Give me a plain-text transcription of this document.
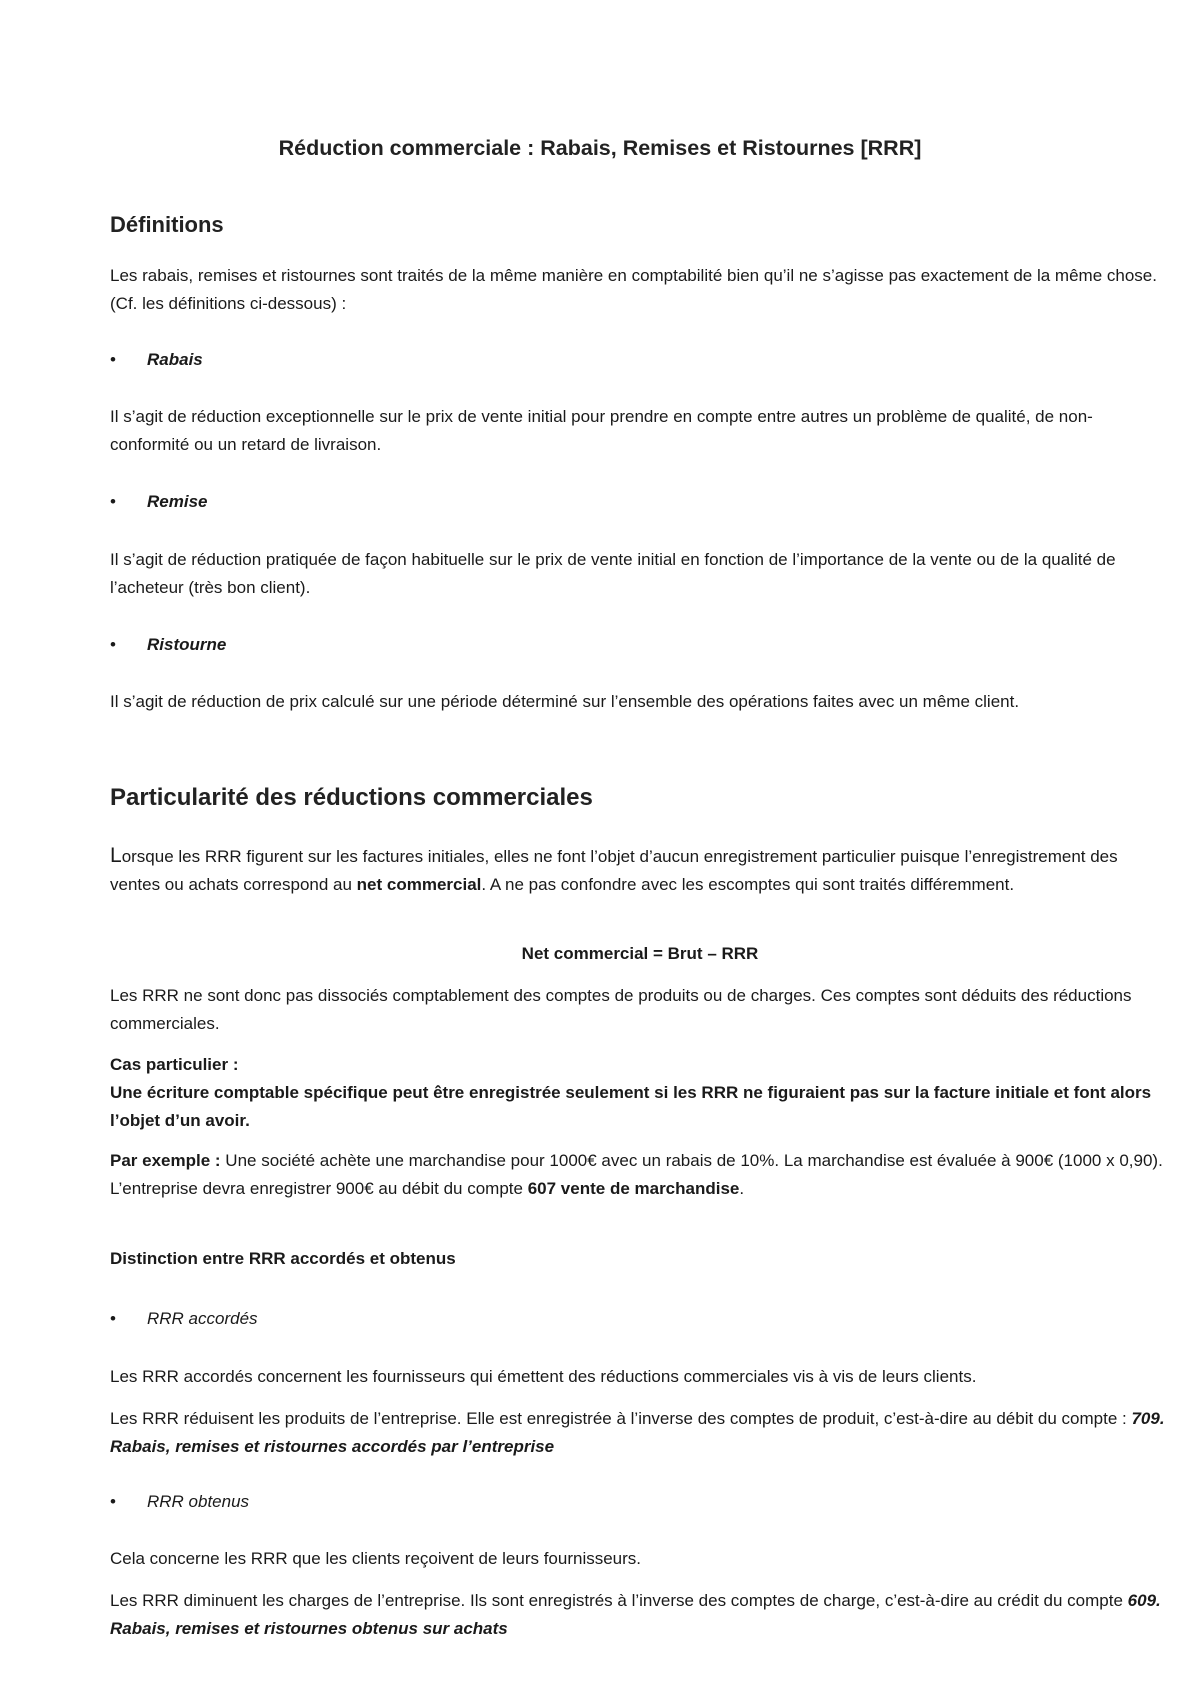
Réduction commerciale : Rabais, Remises et Ristournes [RRR]
Définitions

Les rabais, remises et ristournes sont traités de la même manière en comptabilité bien qu’il ne s’agisse pas exactement de la même chose. (Cf. les définitions ci-dessous) :

•	Rabais

Il s’agit de réduction exceptionnelle sur le prix de vente initial pour prendre en compte entre autres un problème de qualité, de non-conformité ou un retard de livraison.

•	Remise

Il s’agit de réduction pratiquée de façon habituelle sur le prix de vente initial en fonction de l’importance de la vente ou de la qualité de l’acheteur (très bon client).

•	Ristourne

Il s’agit de réduction de prix calculé sur une période déterminé sur l’ensemble des opérations faites avec un même client.

Particularité des réductions commerciales

Lorsque les RRR figurent sur les factures initiales, elles ne font l’objet d’aucun enregistrement particulier puisque l’enregistrement des ventes ou achats correspond au net commercial. A ne pas confondre avec les escomptes qui sont traités différemment.

Net commercial = Brut – RRR

Les RRR ne sont donc pas dissociés comptablement des comptes de produits ou de charges. Ces comptes sont déduits des réductions commerciales.

Cas particulier :
Une écriture comptable spécifique peut être enregistrée seulement si les RRR ne figuraient pas sur la facture initiale et font alors l’objet d’un avoir.

Par exemple : Une société achète une marchandise pour 1000€ avec un rabais de 10%. La marchandise est évaluée à 900€ (1000 x 0,90). L’entreprise devra enregistrer 900€ au débit du compte 607 vente de marchandise.

Distinction entre RRR accordés et obtenus

•	RRR accordés

Les RRR accordés concernent les fournisseurs qui émettent des réductions commerciales vis à vis de leurs clients.

Les RRR réduisent les produits de l’entreprise. Elle est enregistrée à l’inverse des comptes de produit, c’est-à-dire au débit du compte : 709. Rabais, remises et ristournes accordés par l’entreprise

•	RRR obtenus

Cela concerne les RRR que les clients reçoivent de leurs fournisseurs.

Les RRR diminuent les charges de l’entreprise. Ils sont enregistrés à l’inverse des comptes de charge, c’est-à-dire au crédit du compte 609. Rabais, remises et ristournes obtenus sur achats
